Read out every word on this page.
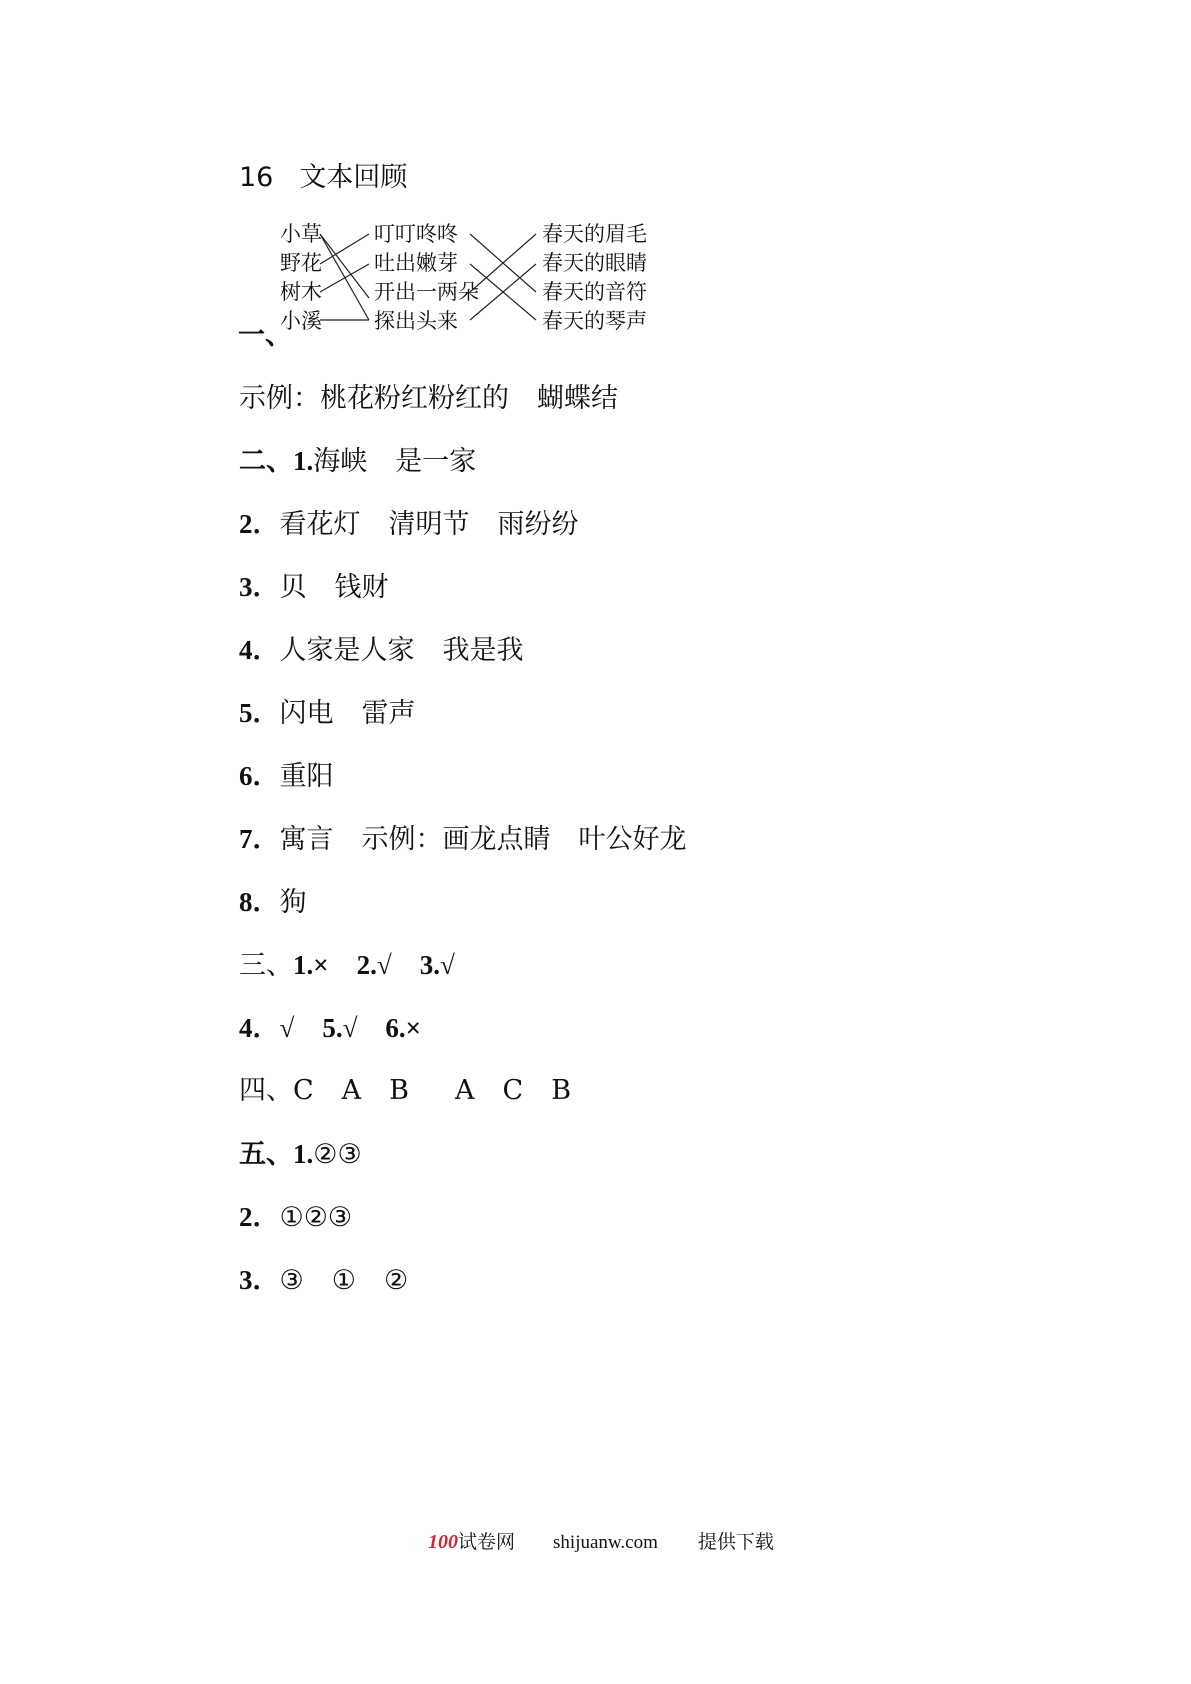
16 文本回顾
小草
野花
树木
小溪
叮叮咚咚
吐出嫩芽
开出一两朵
探出头来
春天的眉毛
春天的眼睛
春天的音符
春天的琴声
一、
示例：桃花粉红粉红的 蝴蝶结
二、1.海峡 是一家
2．看花灯 清明节 雨纷纷
3．贝 钱财
4．人家是人家 我是我
5．闪电 雷声
6．重阳
7．寓言 示例：画龙点睛 叶公好龙
8．狗
三、1.× 2.√ 3.√
4．√ 5.√ 6.×
四、C A B A C B
五、1.②③
2．①②③
3．③ ① ②
100试卷网 shijuanw.com 提供下载
